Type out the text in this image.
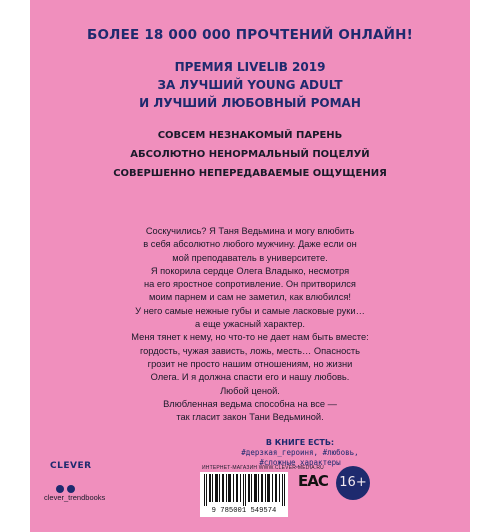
БОЛЕЕ 18 000 000 ПРОЧТЕНИЙ ОНЛАЙН!
ПРЕМИЯ LIVELIB 2019
ЗА ЛУЧШИЙ YOUNG ADULT
И ЛУЧШИЙ ЛЮБОВНЫЙ РОМАН
СОВСЕМ НЕЗНАКОМЫЙ ПАРЕНЬ
АБСОЛЮТНО НЕНОРМАЛЬНЫЙ ПОЦЕЛУЙ
СОВЕРШЕННО НЕПЕРЕДАВАЕМЫЕ ОЩУЩЕНИЯ
Соскучились? Я Таня Ведьмина и могу влюбить
в себя абсолютно любого мужчину. Даже если он
мой преподаватель в университете.
Я покорила сердце Олега Владыко, несмотря
на его яростное сопротивление. Он притворился
моим парнем и сам не заметил, как влюбился!
У него самые нежные губы и самые ласковые руки…
а еще ужасный характер.
Меня тянет к нему, но что-то не дает нам быть вместе:
гордость, чужая зависть, ложь, месть… Опасность
грозит не просто нашим отношениям, но жизни
Олега. И я должна спасти его и нашу любовь.
Любой ценой.
Влюбленная ведьма способна на все —
так гласит закон Тани Ведьминой.
В КНИГЕ ЕСТЬ:
#дерзкая_героиня, #любовь,
#сложные_характеры
CLEVER
clever_trendbooks
ИНТЕРНЕТ-МАГАЗИН WWW.CLEVER-MEDIA.RU
9 785001 549574
ЕАС 16+
